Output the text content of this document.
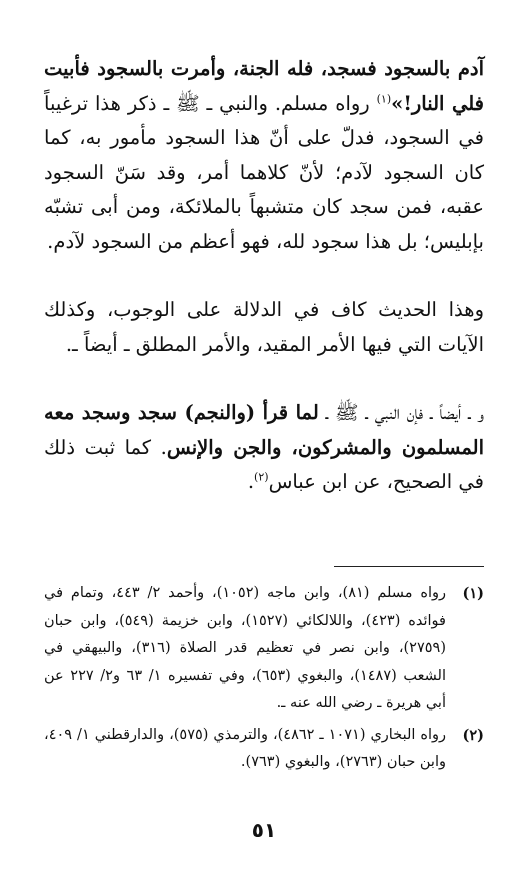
آدم بالسجود فسجد، فله الجنة، وأمرت بالسجود فأبيت فلي النار!»$^{(١)}$ رواه مسلم. والنبي ـ ﷺ ـ ذكر هذا ترغيباً في السجود، فدلّ على أنّ هذا السجود مأمور به، كما كان السجود لآدم؛ لأنّ كلاهما أمر، وقد سَنّ السجود عقبه، فمن سجد كان متشبهاً بالملائكة، ومن أبى تشبّه بإبليس؛ بل هذا سجود لله، فهو أعظم من السجود لآدم.

وهذا الحديث كاف في الدلالة على الوجوب، وكذلك الآيات التي فيها الأمر المقيد، والأمر المطلق ـ أيضاً ـ.

و ـ أيضاً ـ فإن النبي ـ ﷺ ـ لما قرأ (والنجم) سجد وسجد معه المسلمون والمشركون، والجن والإنس. كما ثبت ذلك في الصحيح، عن ابن عباس$^{(٢)}$.

(١)
رواه مسلم (٨١)، وابن ماجه (١٠٥٢)، وأحمد ٢/ ٤٤٣، وتمام في فوائده (٤٢٣)، واللالكائي (١٥٢٧)، وابن خزيمة (٥٤٩)، وابن حبان (٢٧٥٩)، وابن نصر في تعظيم قدر الصلاة (٣١٦)، والبيهقي في الشعب (١٤٨٧)، والبغوي (٦٥٣)، وفي تفسيره ١/ ٦٣ و٢/ ٢٢٧ عن أبي هريرة ـ رضي الله عنه ـ.
(٢)
رواه البخاري (١٠٧١ ـ ٤٨٦٢)، والترمذي (٥٧٥)، والدارقطني ١/ ٤٠٩، وابن حبان (٢٧٦٣)، والبغوي (٧٦٣).
٥١
